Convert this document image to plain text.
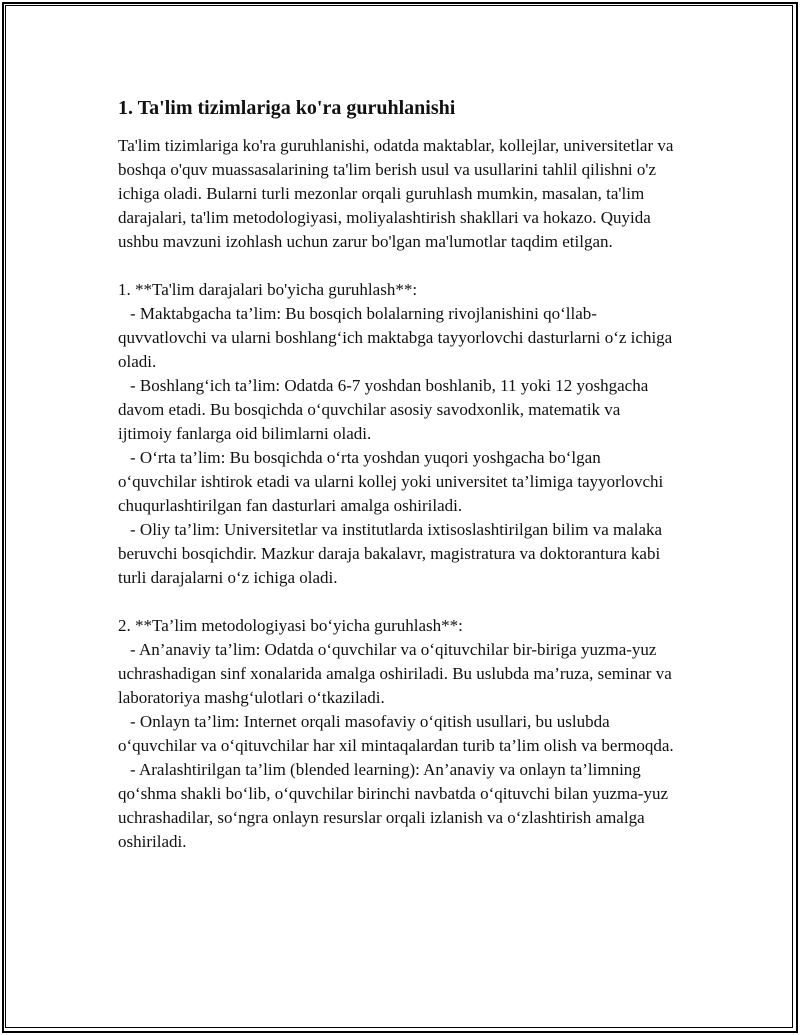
1. Ta'lim tizimlariga ko'ra guruhlanishi

Ta'lim tizimlariga ko'ra guruhlanishi, odatda maktablar, kollejlar, universitetlar va boshqa o'quv muassasalarining ta'lim berish usul va usullarini tahlil qilishni o'z ichiga oladi. Bularni turli mezonlar orqali guruhlash mumkin, masalan, ta'lim darajalari, ta'lim metodologiyasi, moliyalashtirish shakllari va hokazo. Quyida ushbu mavzuni izohlash uchun zarur bo'lgan ma'lumotlar taqdim etilgan.

1. **Ta'lim darajalari bo'yicha guruhlash**:

- Maktabgacha ta’lim: Bu bosqich bolalarning rivojlanishini qo‘llab-quvvatlovchi va ularni boshlang‘ich maktabga tayyorlovchi dasturlarni o‘z ichiga oladi.

- Boshlang‘ich ta’lim: Odatda 6-7 yoshdan boshlanib, 11 yoki 12 yoshgacha davom etadi. Bu bosqichda o‘quvchilar asosiy savodxonlik, matematik va ijtimoiy fanlarga oid bilimlarni oladi.

- O‘rta ta’lim: Bu bosqichda o‘rta yoshdan yuqori yoshgacha bo‘lgan o‘quvchilar ishtirok etadi va ularni kollej yoki universitet ta’limiga tayyorlovchi chuqurlashtirilgan fan dasturlari amalga oshiriladi.

- Oliy ta’lim: Universitetlar va institutlarda ixtisoslashtirilgan bilim va malaka beruvchi bosqichdir. Mazkur daraja bakalavr, magistratura va doktorantura kabi turli darajalarni o‘z ichiga oladi.

2. **Ta’lim metodologiyasi bo‘yicha guruhlash**:

- An’anaviy ta’lim: Odatda o‘quvchilar va o‘qituvchilar bir-biriga yuzma-yuz uchrashadigan sinf xonalarida amalga oshiriladi. Bu uslubda ma’ruza, seminar va laboratoriya mashg‘ulotlari o‘tkaziladi.

- Onlayn ta’lim: Internet orqali masofaviy o‘qitish usullari, bu uslubda o‘quvchilar va o‘qituvchilar har xil mintaqalardan turib ta’lim olish va bermoqda.

- Aralashtirilgan ta’lim (blended learning): An’anaviy va onlayn ta’limning qo‘shma shakli bo‘lib, o‘quvchilar birinchi navbatda o‘qituvchi bilan yuzma-yuz uchrashadilar, so‘ngra onlayn resurslar orqali izlanish va o‘zlashtirish amalga oshiriladi.
